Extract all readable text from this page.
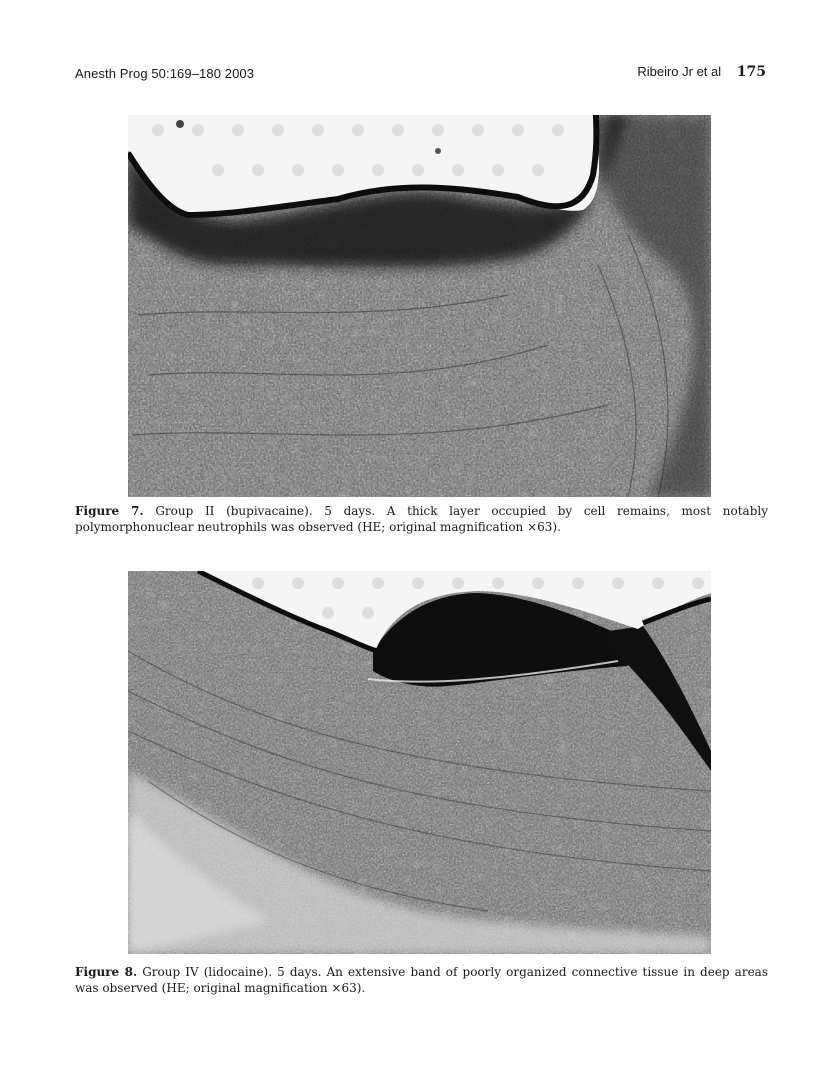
Anesth Prog 50:169–180 2003	Ribeiro Jr et al 175
Figure 7. Group II (bupivacaine). 5 days. A thick layer occupied by cell remains, most notably polymorphonuclear neutrophils was observed (HE; original magnification ×63).
Figure 8. Group IV (lidocaine). 5 days. An extensive band of poorly organized connective tissue in deep areas was observed (HE; original magnification ×63).
